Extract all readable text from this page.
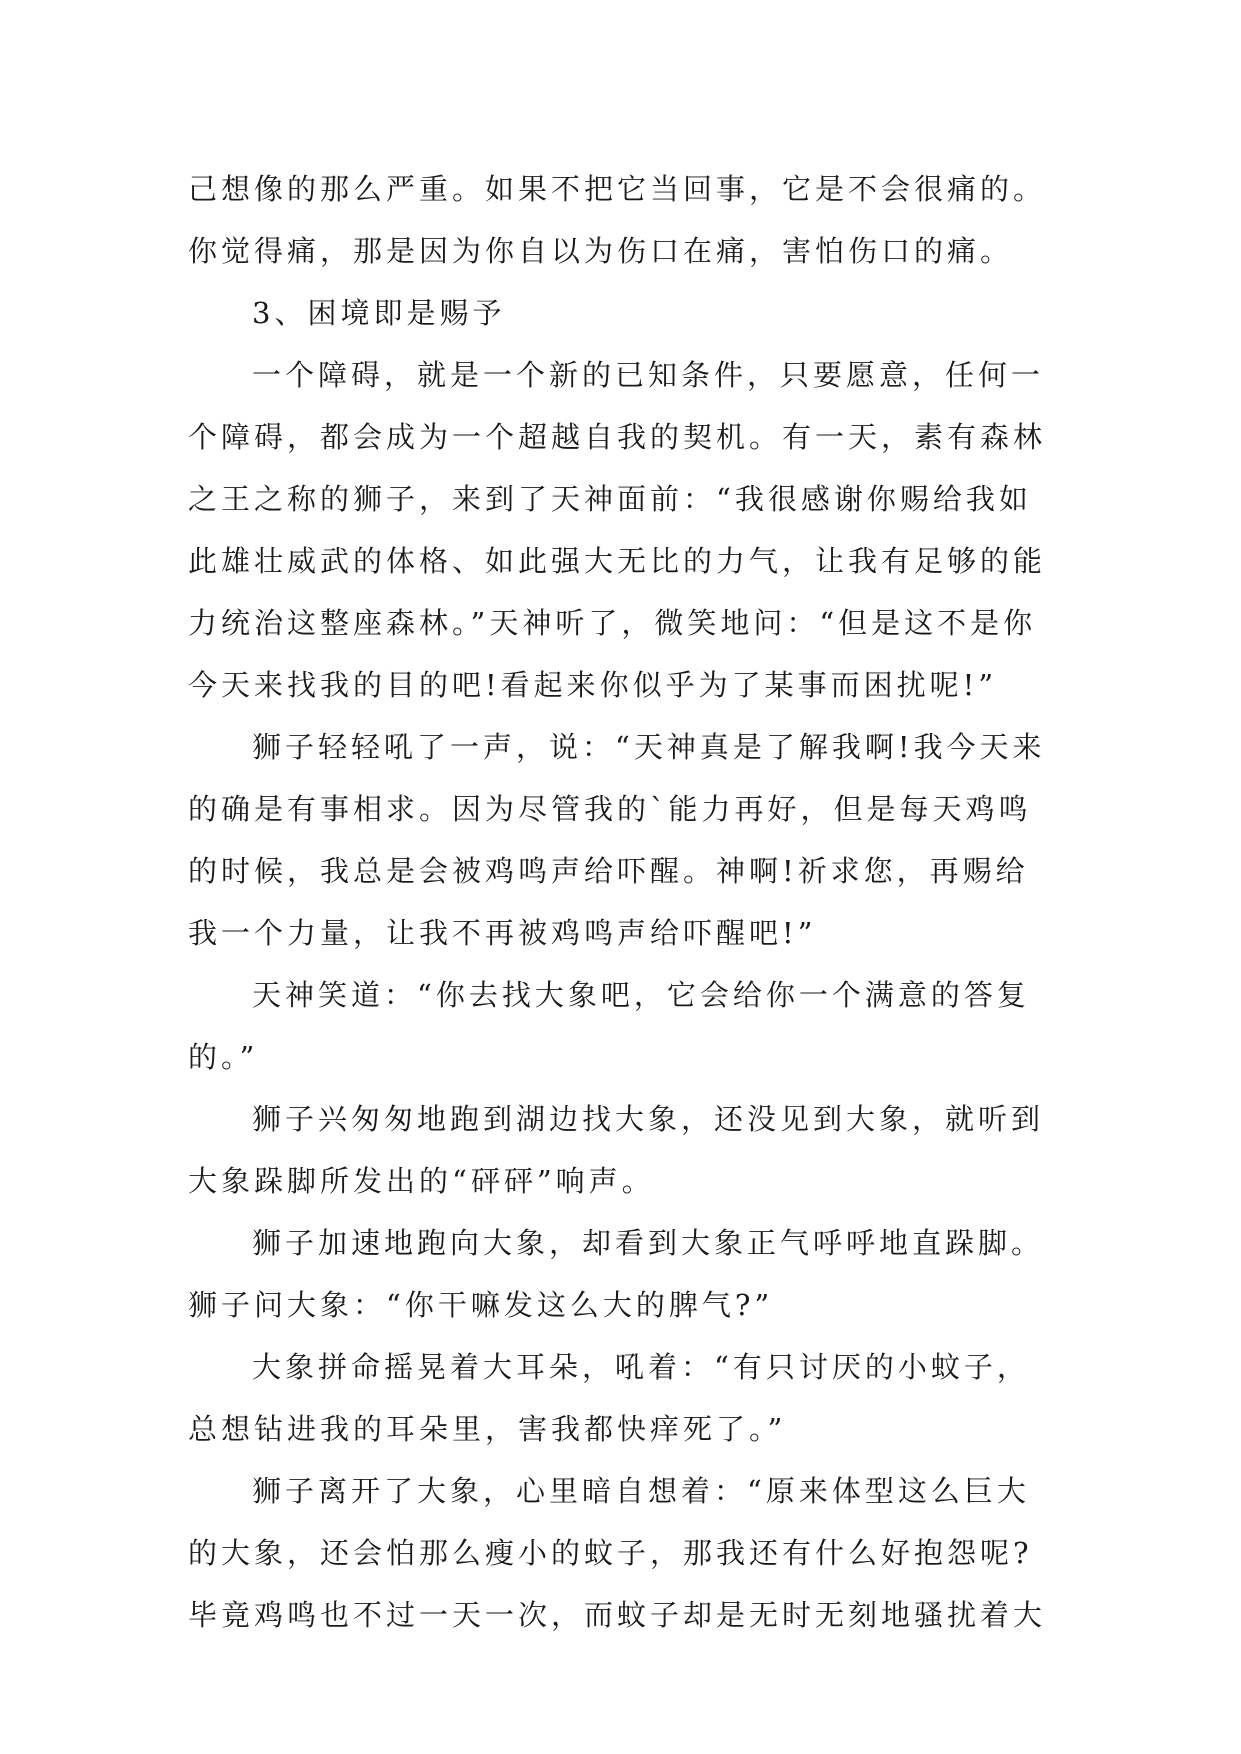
己想像的那么严重。如果不把它当回事，它是不会很痛的。
你觉得痛，那是因为你自以为伤口在痛，害怕伤口的痛。
3、困境即是赐予
一个障碍，就是一个新的已知条件，只要愿意，任何一
个障碍，都会成为一个超越自我的契机。有一天，素有森林
之王之称的狮子，来到了天神面前：“我很感谢你赐给我如
此雄壮威武的体格、如此强大无比的力气，让我有足够的能
力统治这整座森林。”天神听了，微笑地问：“但是这不是你
今天来找我的目的吧!看起来你似乎为了某事而困扰呢!”
狮子轻轻吼了一声，说：“天神真是了解我啊!我今天来
的确是有事相求。因为尽管我的`能力再好，但是每天鸡鸣
的时候，我总是会被鸡鸣声给吓醒。神啊!祈求您，再赐给
我一个力量，让我不再被鸡鸣声给吓醒吧!”
天神笑道：“你去找大象吧，它会给你一个满意的答复
的。”
狮子兴匆匆地跑到湖边找大象，还没见到大象，就听到
大象跺脚所发出的“砰砰”响声。
狮子加速地跑向大象，却看到大象正气呼呼地直跺脚。
狮子问大象：“你干嘛发这么大的脾气?”
大象拼命摇晃着大耳朵，吼着：“有只讨厌的小蚊子，
总想钻进我的耳朵里，害我都快痒死了。”
狮子离开了大象，心里暗自想着：“原来体型这么巨大
的大象，还会怕那么瘦小的蚊子，那我还有什么好抱怨呢?
毕竟鸡鸣也不过一天一次，而蚊子却是无时无刻地骚扰着大
